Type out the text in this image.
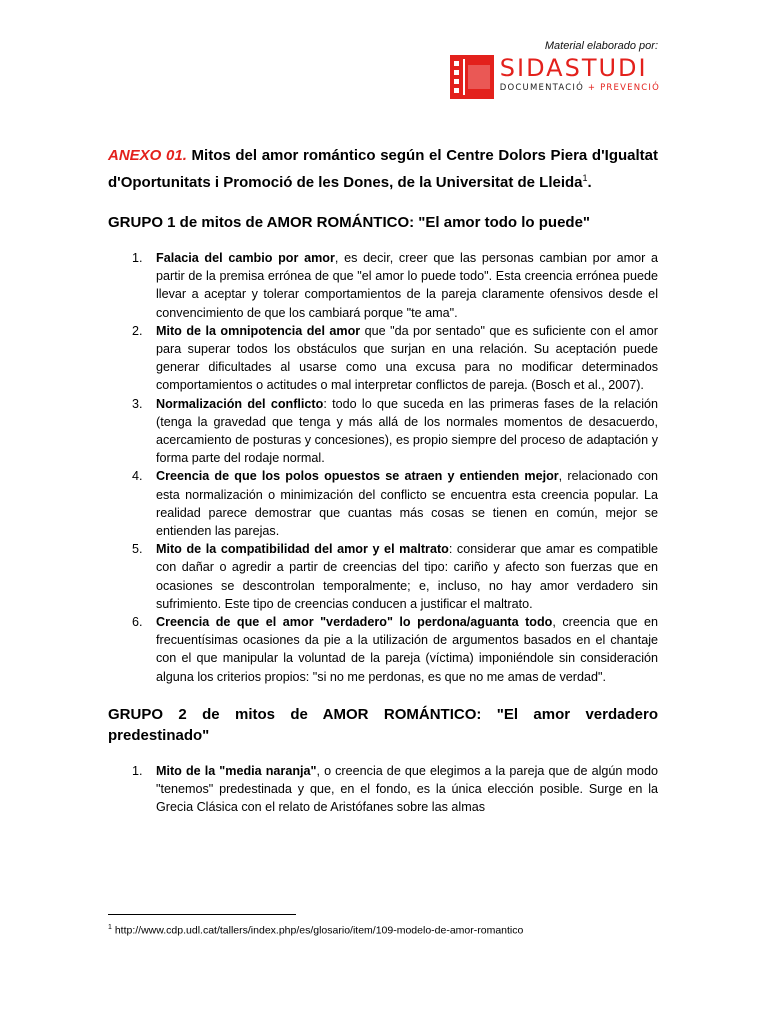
Material elaborado por:
SIDASTUDI
DOCUMENTACIÓ + PREVENCIÓ

ANEXO 01. Mitos del amor romántico según el Centre Dolors Piera d'Igualtat d'Oportunitats i Promoció de les Dones, de la Universitat de Lleida$^1$.

GRUPO 1 de mitos de AMOR ROMÁNTICO: "El amor todo lo puede"
1. Falacia del cambio por amor, es decir, creer que las personas cambian por amor a partir de la premisa errónea de que "el amor lo puede todo". Esta creencia errónea puede llevar a aceptar y tolerar comportamientos de la pareja claramente ofensivos desde el convencimiento de que los cambiará porque "te ama".
2. Mito de la omnipotencia del amor que "da por sentado" que es suficiente con el amor para superar todos los obstáculos que surjan en una relación. Su aceptación puede generar dificultades al usarse como una excusa para no modificar determinados comportamientos o actitudes o mal interpretar conflictos de pareja. (Bosch et al., 2007).
3. Normalización del conflicto: todo lo que suceda en las primeras fases de la relación (tenga la gravedad que tenga y más allá de los normales momentos de desacuerdo, acercamiento de posturas y concesiones), es propio siempre del proceso de adaptación y forma parte del rodaje normal.
4. Creencia de que los polos opuestos se atraen y entienden mejor, relacionado con esta normalización o minimización del conflicto se encuentra esta creencia popular. La realidad parece demostrar que cuantas más cosas se tienen en común, mejor se entienden las parejas.
5. Mito de la compatibilidad del amor y el maltrato: considerar que amar es compatible con dañar o agredir a partir de creencias del tipo: cariño y afecto son fuerzas que en ocasiones se descontrolan temporalmente; e, incluso, no hay amor verdadero sin sufrimiento. Este tipo de creencias conducen a justificar el maltrato.
6. Creencia de que el amor "verdadero" lo perdona/aguanta todo, creencia que en frecuentísimas ocasiones da pie a la utilización de argumentos basados en el chantaje con el que manipular la voluntad de la pareja (víctima) imponiéndole sin consideración alguna los criterios propios: "si no me perdonas, es que no me amas de verdad".
GRUPO 2 de mitos de AMOR ROMÁNTICO: "El amor verdadero predestinado"
1. Mito de la "media naranja", o creencia de que elegimos a la pareja que de algún modo "tenemos" predestinada y que, en el fondo, es la única elección posible. Surge en la Grecia Clásica con el relato de Aristófanes sobre las almas
$^1$ http://www.cdp.udl.cat/tallers/index.php/es/glosario/item/109-modelo-de-amor-romantico
